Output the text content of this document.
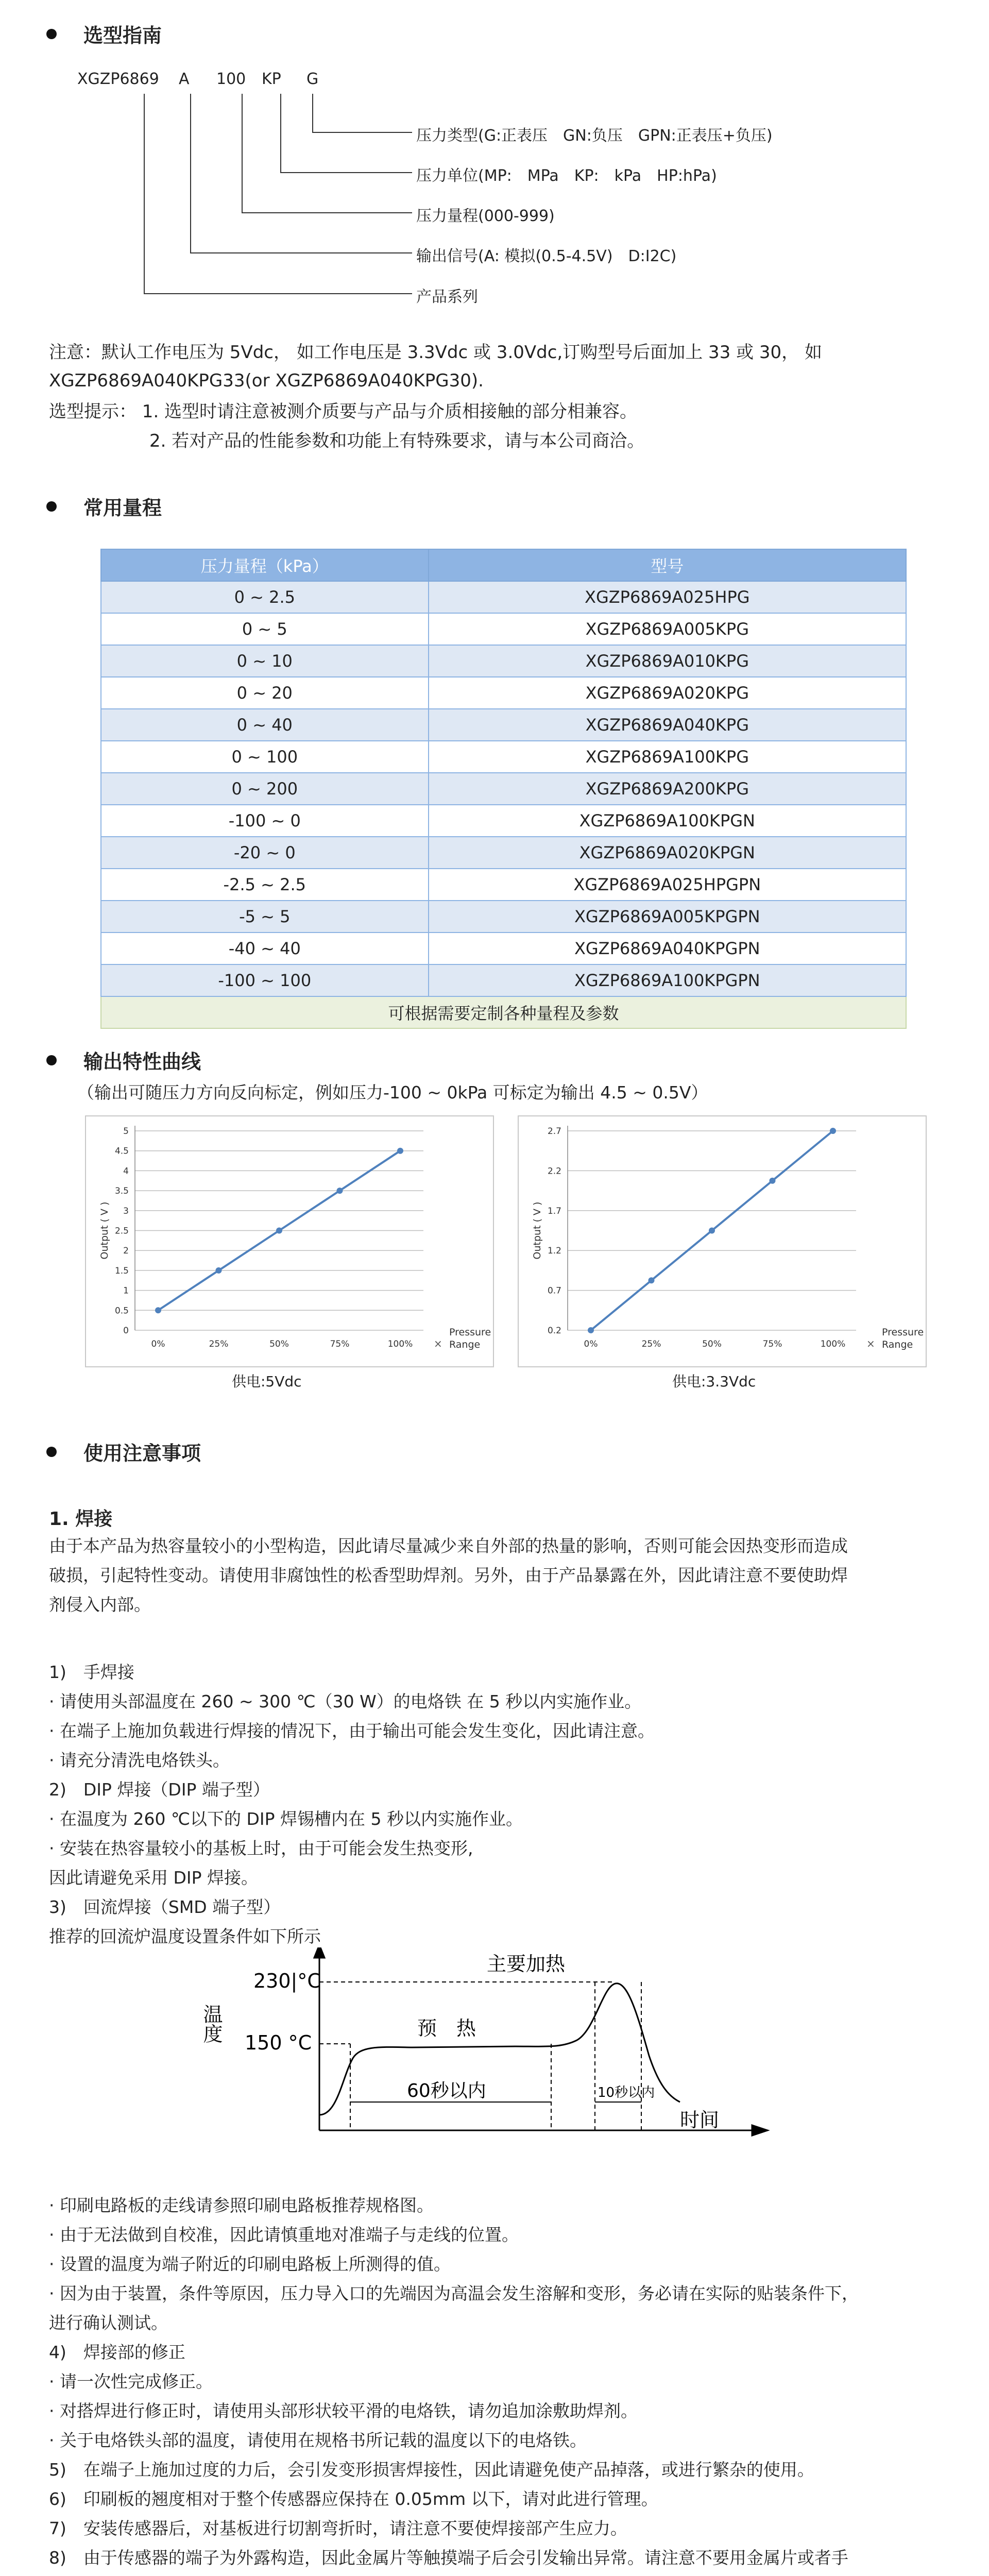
选型指南
XGZP6869 A 100 KP G
压力类型(G:正表压　GN:负压　GPN:正表压+负压)
压力单位(MP:　MPa　KP:　kPa　HP:hPa)
压力量程(000-999)
输出信号(A: 模拟(0.5-4.5V)　D:I2C)
产品系列
注意：默认工作电压为 5Vdc， 如工作电压是 3.3Vdc 或 3.0Vdc,订购型号后面加上 33 或 30， 如
XGZP6869A040KPG33(or XGZP6869A040KPG30).
选型提示： 1. 选型时请注意被测介质要与产品与介质相接触的部分相兼容。
2. 若对产品的性能参数和功能上有特殊要求，请与本公司商洽。
常用量程
压力量程（kPa）	型号
0 ~ 2.5	XGZP6869A025HPG
0 ~ 5	XGZP6869A005KPG
0 ~ 10	XGZP6869A010KPG
0 ~ 20	XGZP6869A020KPG
0 ~ 40	XGZP6869A040KPG
0 ~ 100	XGZP6869A100KPG
0 ~ 200	XGZP6869A200KPG
-100 ~ 0	XGZP6869A100KPGN
-20 ~ 0	XGZP6869A020KPGN
-2.5 ~ 2.5	XGZP6869A025HPGPN
-5 ~ 5	XGZP6869A005KPGPN
-40 ~ 40	XGZP6869A040KPGPN
-100 ~ 100	XGZP6869A100KPGPN
可根据需要定制各种量程及参数	
输出特性曲线
（输出可随压力方向反向标定，例如压力-100 ~ 0kPa 可标定为输出 4.5 ~ 0.5V）
0
0.5
1
1.5
2
2.5
3
3.5
4
4.5
5
0%	25%	50%	75%	100% ×
Pressure Range
Output ( V )
供电:5Vdc
0.2
0.7
1.2
1.7
2.2
2.7
0%	25%	50%	75%	100% ×
Pressure Range
Output ( V )
供电:3.3Vdc
使用注意事项
1. 焊接
由于本产品为热容量较小的小型构造，因此请尽量减少来自外部的热量的影响，否则可能会因热变形而造成
破损，引起特性变动。请使用非腐蚀性的松香型助焊剂。另外，由于产品暴露在外，因此请注意不要使助焊
剂侵入内部。
1)　手焊接
· 请使用头部温度在 260 ~ 300 ℃（30 W）的电烙铁 在 5 秒以内实施作业。
· 在端子上施加负载进行焊接的情况下，由于输出可能会发生变化，因此请注意。
· 请充分清洗电烙铁头。
2)　DIP 焊接（DIP 端子型）
· 在温度为 260 ℃以下的 DIP 焊锡槽内在 5 秒以内实施作业。
· 安装在热容量较小的基板上时，由于可能会发生热变形,
因此请避免采用 DIP 焊接。
3)　回流焊接（SMD 端子型）
推荐的回流炉温度设置条件如下所示
230|°C
150 °C
主要加热
预　热
60秒以内	10秒以内
时间
温度
· 印刷电路板的走线请参照印刷电路板推荐规格图。
· 由于无法做到自校准，因此请慎重地对准端子与走线的位置。
· 设置的温度为端子附近的印刷电路板上所测得的值。
· 因为由于装置，条件等原因，压力导入口的先端因为高温会发生溶解和变形，务必请在实际的贴装条件下，
进行确认测试。
4)　焊接部的修正
· 请一次性完成修正。
· 对搭焊进行修正时，请使用头部形状较平滑的电烙铁，请勿追加涂敷助焊剂。
· 关于电烙铁头部的温度，请使用在规格书所记载的温度以下的电烙铁。
5)　在端子上施加过度的力后，会引发变形损害焊接性，因此请避免使产品掉落，或进行繁杂的使用。
6)　印刷板的翘度相对于整个传感器应保持在 0.05mm 以下，请对此进行管理。
7)　安装传感器后，对基板进行切割弯折时，请注意不要使焊接部产生应力。
8)　由于传感器的端子为外露构造，因此金属片等触摸端子后会引发输出异常。请注意不要用金属片或者手
